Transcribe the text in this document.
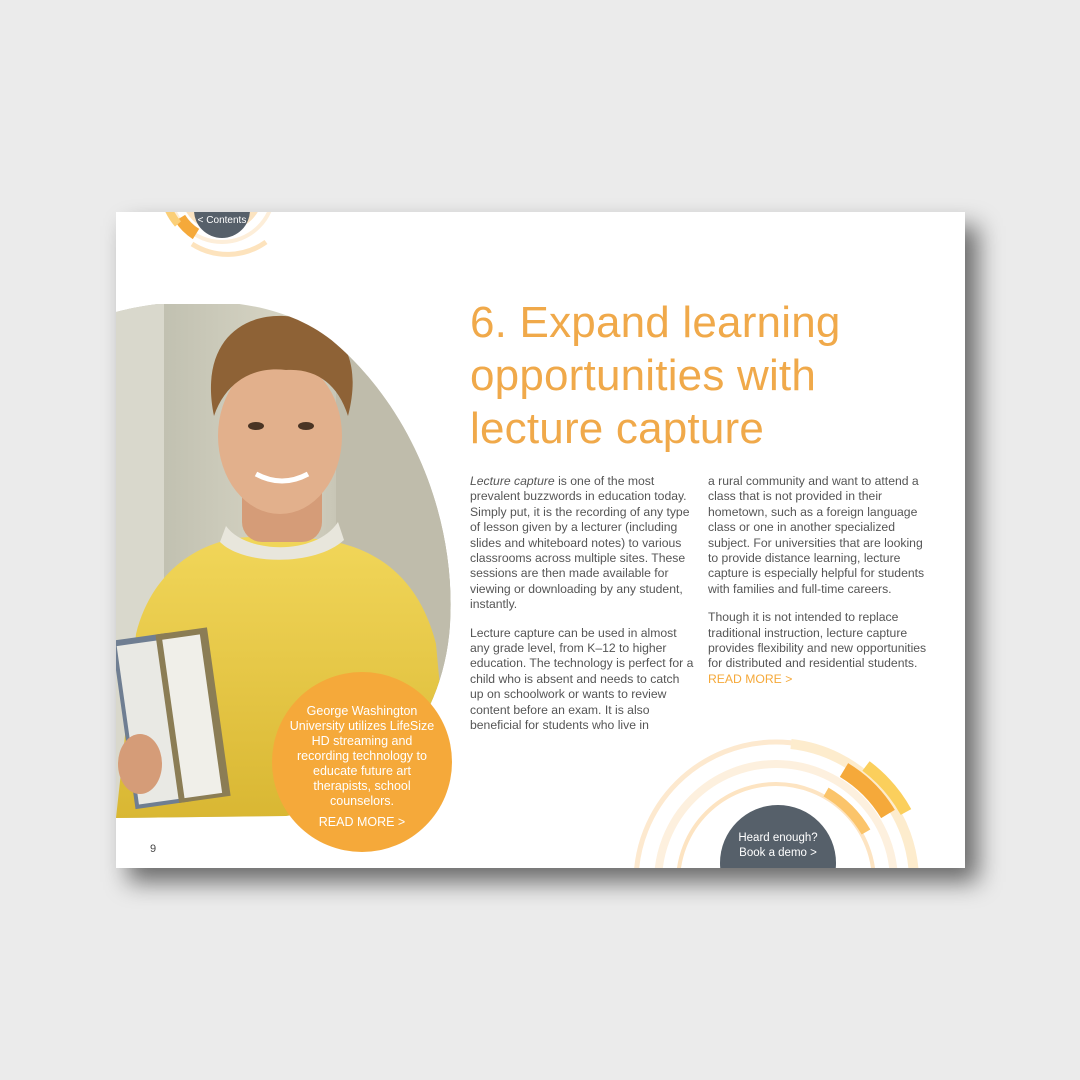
< Contents
George Washington University utilizes LifeSize HD streaming and recording technology to educate future art therapists, school counselors.
READ MORE >
9
6. Expand learning opportunities with lecture capture

Lecture capture is one of the most prevalent buzzwords in education today. Simply put, it is the recording of any type of lesson given by a lecturer (including slides and whiteboard notes) to various classrooms across multiple sites. These sessions are then made available for viewing or downloading by any student, instantly.

Lecture capture can be used in almost any grade level, from K–12 to higher education. The technology is perfect for a child who is absent and needs to catch up on schoolwork or wants to review content before an exam. It is also beneficial for students who live in

a rural community and want to attend a class that is not provided in their hometown, such as a foreign language class or one in another specialized subject. For universities that are looking to provide distance learning, lecture capture is especially helpful for students with families and full-time careers.

Though it is not intended to replace traditional instruction, lecture capture provides flexibility and new opportunities for distributed and residential students. READ MORE >

Heard enough?
Book a demo >
